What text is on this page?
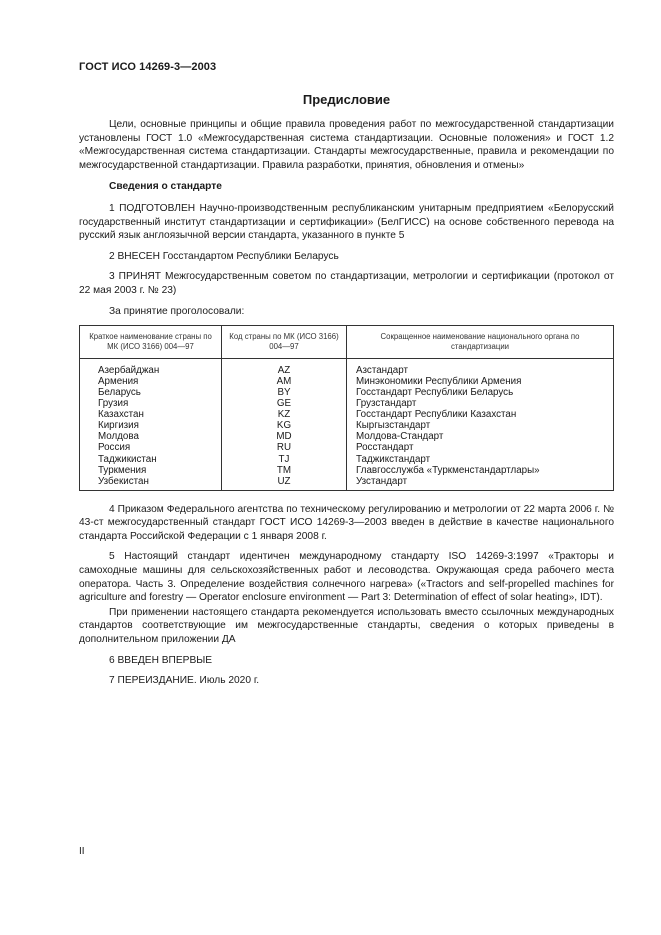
ГОСТ ИСО 14269-3—2003
Предисловие

Цели, основные принципы и общие правила проведения работ по межгосударственной стандартизации установлены ГОСТ 1.0 «Межгосударственная система стандартизации. Основные положения» и ГОСТ 1.2 «Межгосударственная система стандартизации. Стандарты межгосударственные, правила и рекомендации по межгосударственной стандартизации. Правила разработки, принятия, обновления и отмены»

Сведения о стандарте

1 ПОДГОТОВЛЕН Научно-производственным республиканским унитарным предприятием «Белорусский государственный институт стандартизации и сертификации» (БелГИСС) на основе собственного перевода на русский язык англоязычной версии стандарта, указанного в пункте 5

2 ВНЕСЕН Госстандартом Республики Беларусь

3 ПРИНЯТ Межгосударственным советом по стандартизации, метрологии и сертификации (протокол от 22 мая 2003 г. № 23)

За принятие проголосовали:

Краткое наименование страны по МК (ИСО 3166) 004—97	Код страны по МК (ИСО 3166) 004—97	Сокращенное наименование национального органа по стандартизации
Азербайджан	AZ	Азстандарт
Армения	AM	Минэкономики Республики Армения
Беларусь	BY	Госстандарт Республики Беларусь
Грузия	GE	Грузстандарт
Казахстан	KZ	Госстандарт Республики Казахстан
Киргизия	KG	Кыргызстандарт
Молдова	MD	Молдова-Стандарт
Россия	RU	Росстандарт
Таджикистан	TJ	Таджикстандарт
Туркмения	TM	Главгосслужба «Туркменстандартлары»
Узбекистан	UZ	Узстандарт

4 Приказом Федерального агентства по техническому регулированию и метрологии от 22 марта 2006 г. № 43-ст межгосударственный стандарт ГОСТ ИСО 14269-3—2003 введен в действие в качестве национального стандарта Российской Федерации с 1 января 2008 г.

5 Настоящий стандарт идентичен международному стандарту ISO 14269-3:1997 «Тракторы и самоходные машины для сельскохозяйственных работ и лесоводства. Окружающая среда рабочего места оператора. Часть 3. Определение воздействия солнечного нагрева» («Tractors and self-propelled machines for agriculture and forestry — Operator enclosure environment — Part 3: Determination of effect of solar heating», IDT).

При применении настоящего стандарта рекомендуется использовать вместо ссылочных международных стандартов соответствующие им межгосударственные стандарты, сведения о которых приведены в дополнительном приложении ДА

6 ВВЕДЕН ВПЕРВЫЕ

7 ПЕРЕИЗДАНИЕ. Июль 2020 г.

II
